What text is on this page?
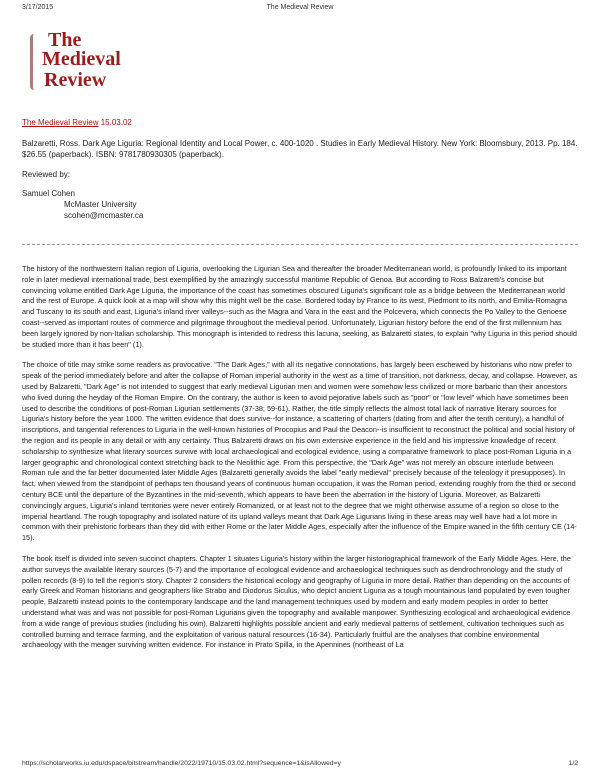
3/17/2015	The Medieval Review
The
Medieval
Review
The Medieval Review 15.03.02
Balzaretti, Ross. Dark Age Liguria: Regional Identity and Local Power, c. 400-1020 . Studies in Early Medieval History. New York: Bloomsbury, 2013. Pp. 184. $26.55 (paperback). ISBN: 9781780930305 (paperback).
Reviewed by:
Samuel Cohen
McMaster University
scohen@mcmaster.ca

The history of the northwestern Italian region of Liguria, overlooking the Ligurian Sea and thereafter the broader Mediterranean world, is profoundly linked to its important role in later medieval international trade, best exemplified by the amazingly successful maritime Republic of Genoa. But according to Ross Balzaretti's concise but convincing volume entitled Dark Age Liguria, the importance of the coast has sometimes obscured Liguria's significant role as a bridge between the Mediterranean world and the rest of Europe. A quick look at a map will show why this might well be the case. Bordered today by France to its west, Piedmont to its north, and Emilia-Romagna and Tuscany to its south and east, Liguria's inland river valleys--such as the Magra and Vara in the east and the Polcevera, which connects the Po Valley to the Genoese coast--served as important routes of commerce and pilgrimage throughout the medieval period. Unfortunately, Ligurian history before the end of the first millennium has been largely ignored by non-Italian scholarship. This monograph is intended to redress this lacuna, seeking, as Balzaretti states, to explain "why Liguria in this period should be studied more than it has been" (1).

The choice of title may strike some readers as provocative. "The Dark Ages," with all its negative connotations, has largely been eschewed by historians who now prefer to speak of the period immediately before and after the collapse of Roman imperial authority in the west as a time of transition, not darkness, decay, and collapse. However, as used by Balzaretti, "Dark Age" is not intended to suggest that early medieval Ligurian men and women were somehow less civilized or more barbaric than their ancestors who lived during the heyday of the Roman Empire. On the contrary, the author is keen to avoid pejorative labels such as "poor" or "low level" which have sometimes been used to describe the conditions of post-Roman Ligurian settlements (37-38; 59-61). Rather, the title simply reflects the almost total lack of narrative literary sources for Liguria's history before the year 1000. The written evidence that does survive--for instance, a scattering of charters (dating from and after the tenth century), a handful of inscriptions, and tangential references to Liguria in the well-known histories of Procopius and Paul the Deacon--is insufficient to reconstruct the political and social history of the region and its people in any detail or with any certainty. Thus Balzaretti draws on his own extensive experience in the field and his impressive knowledge of recent scholarship to synthesize what literary sources survive with local archaeological and ecological evidence, using a comparative framework to place post-Roman Liguria in a larger geographic and chronological context stretching back to the Neolithic age. From this perspective, the "Dark Age" was not merely an obscure interlude between Roman rule and the far better documented later Middle Ages (Balzaretti generally avoids the label "early medieval" precisely because of the teleology it presupposes). In fact, when viewed from the standpoint of perhaps ten thousand years of continuous human occupation, it was the Roman period, extending roughly from the third or second century BCE until the departure of the Byzantines in the mid-seventh, which appears to have been the aberration in the history of Liguria. Moreover, as Balzaretti convincingly argues, Liguria's inland territories were never entirely Romanized, or at least not to the degree that we might otherwise assume of a region so close to the imperial heartland. The rough topography and isolated nature of its upland valleys meant that Dark Age Ligurians living in these areas may well have had a lot more in common with their prehistoric forbears than they did with either Rome or the later Middle Ages, especially after the influence of the Empire waned in the fifth century CE (14-15).

The book itself is divided into seven succinct chapters. Chapter 1 situates Liguria's history within the larger historiographical framework of the Early Middle Ages. Here, the author surveys the available literary sources (5-7) and the importance of ecological evidence and archaeological techniques such as dendrochronology and the study of pollen records (8-9) to tell the region's story. Chapter 2 considers the historical ecology and geography of Liguria in more detail. Rather than depending on the accounts of early Greek and Roman historians and geographers like Strabo and Diodorus Siculus, who depict ancient Liguria as a tough mountainous land populated by even tougher people, Balzaretti instead points to the contemporary landscape and the land management techniques used by modern and early modern peoples in order to better understand what was and was not possible for post-Roman Ligurians given the topography and available manpower. Synthesizing ecological and archaeological evidence from a wide range of previous studies (including his own), Balzaretti highlights possible ancient and early medieval patterns of settlement, cultivation techniques such as controlled burning and terrace farming, and the exploitation of various natural resources (16-34). Particularly fruitful are the analyses that combine environmental archaeology with the meager surviving written evidence. For instance in Prato Spilla, in the Apennines (northeast of La

https://scholarworks.iu.edu/dspace/bitstream/handle/2022/19710/15.03.02.html?sequence=1&isAllowed=y	1/2
